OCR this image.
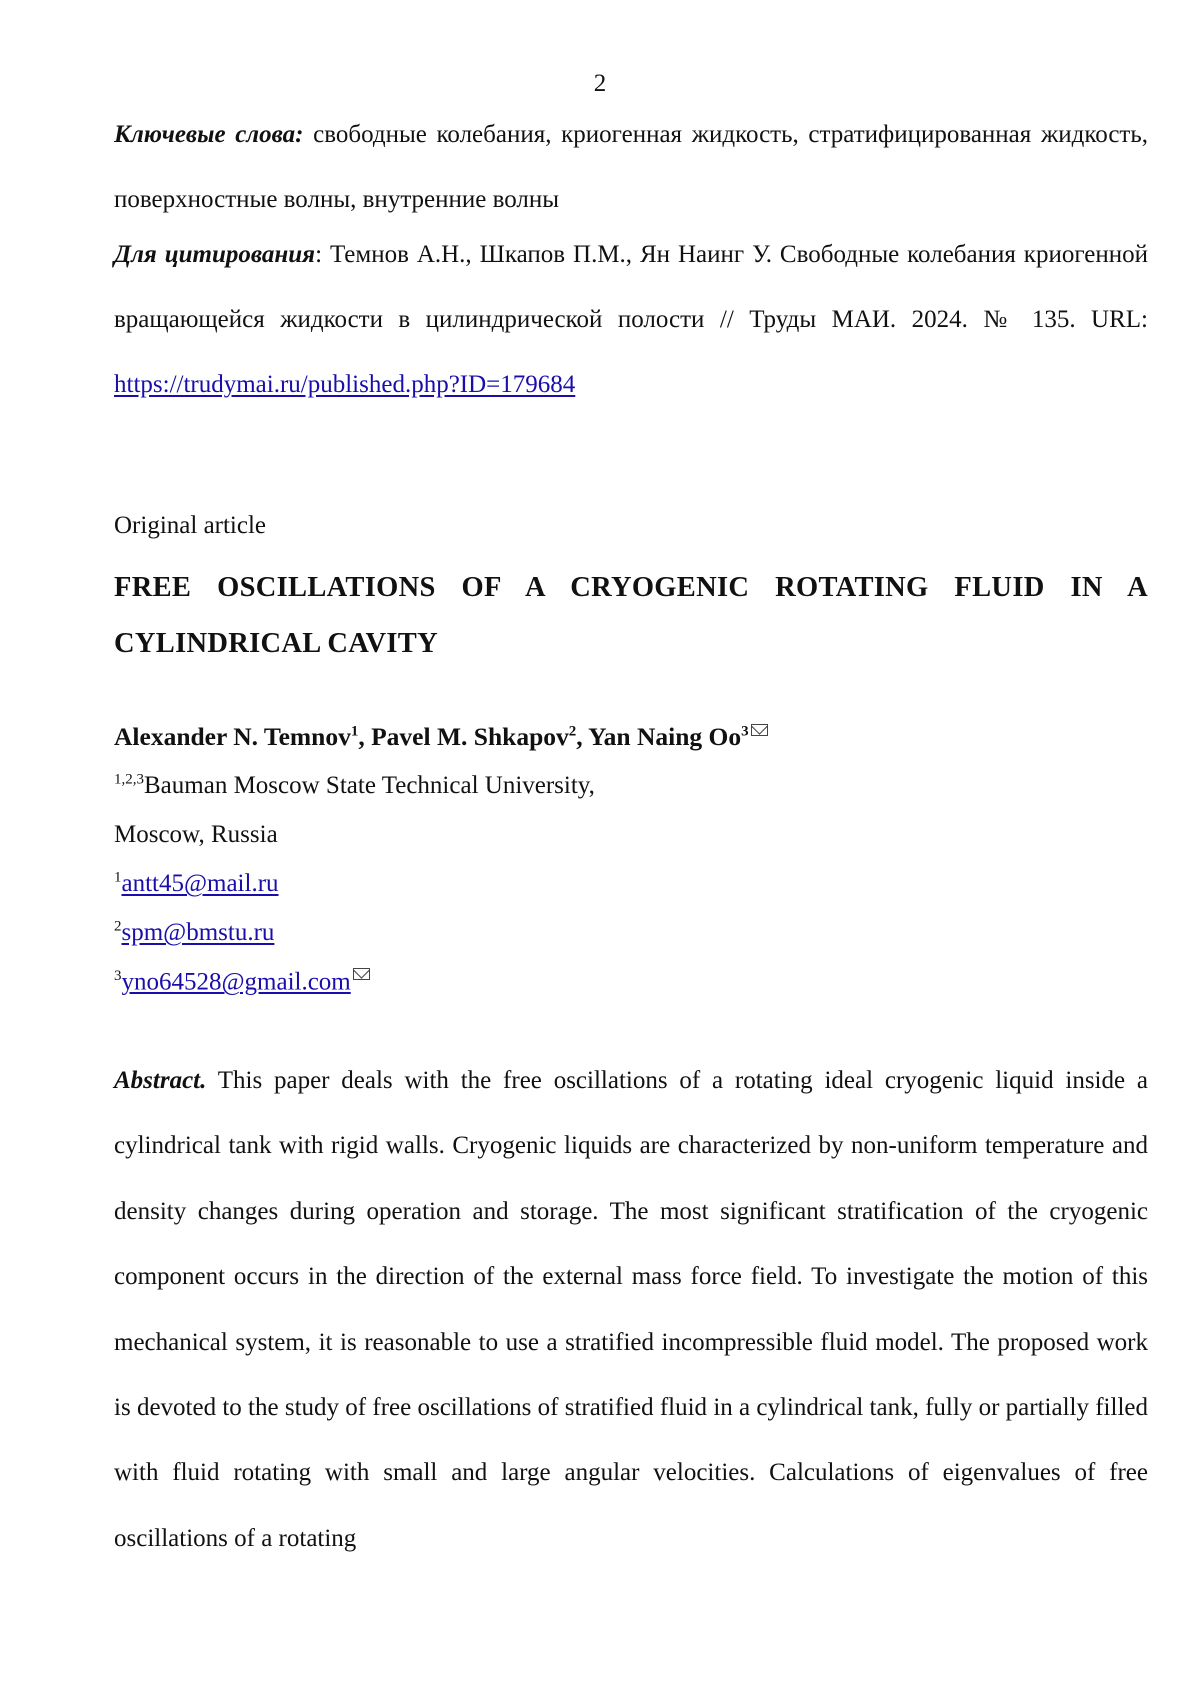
2
Ключевые слова: свободные колебания, криогенная жидкость, стратифицированная жидкость, поверхностные волны, внутренние волны
Для цитирования: Темнов А.Н., Шкапов П.М., Ян Наинг У. Свободные колебания криогенной вращающейся жидкости в цилиндрической полости // Труды МАИ. 2024. № 135. URL: https://trudymai.ru/published.php?ID=179684
Original article
FREE OSCILLATIONS OF A CRYOGENIC ROTATING FLUID IN A CYLINDRICAL CAVITY
Alexander N. Temnov$^1$, Pavel M. Shkapov$^2$, Yan Naing Oo$^3$
$^{1,2,3}$Bauman Moscow State Technical University,
Moscow, Russia
$^1$antt45@mail.ru
$^2$spm@bmstu.ru
$^3$yno64528@gmail.com
Abstract. This paper deals with the free oscillations of a rotating ideal cryogenic liquid inside a cylindrical tank with rigid walls. Cryogenic liquids are characterized by non-uniform temperature and density changes during operation and storage. The most significant stratification of the cryogenic component occurs in the direction of the external mass force field. To investigate the motion of this mechanical system, it is reasonable to use a stratified incompressible fluid model. The proposed work is devoted to the study of free oscillations of stratified fluid in a cylindrical tank, fully or partially filled with fluid rotating with small and large angular velocities. Calculations of eigenvalues of free oscillations of a rotating
